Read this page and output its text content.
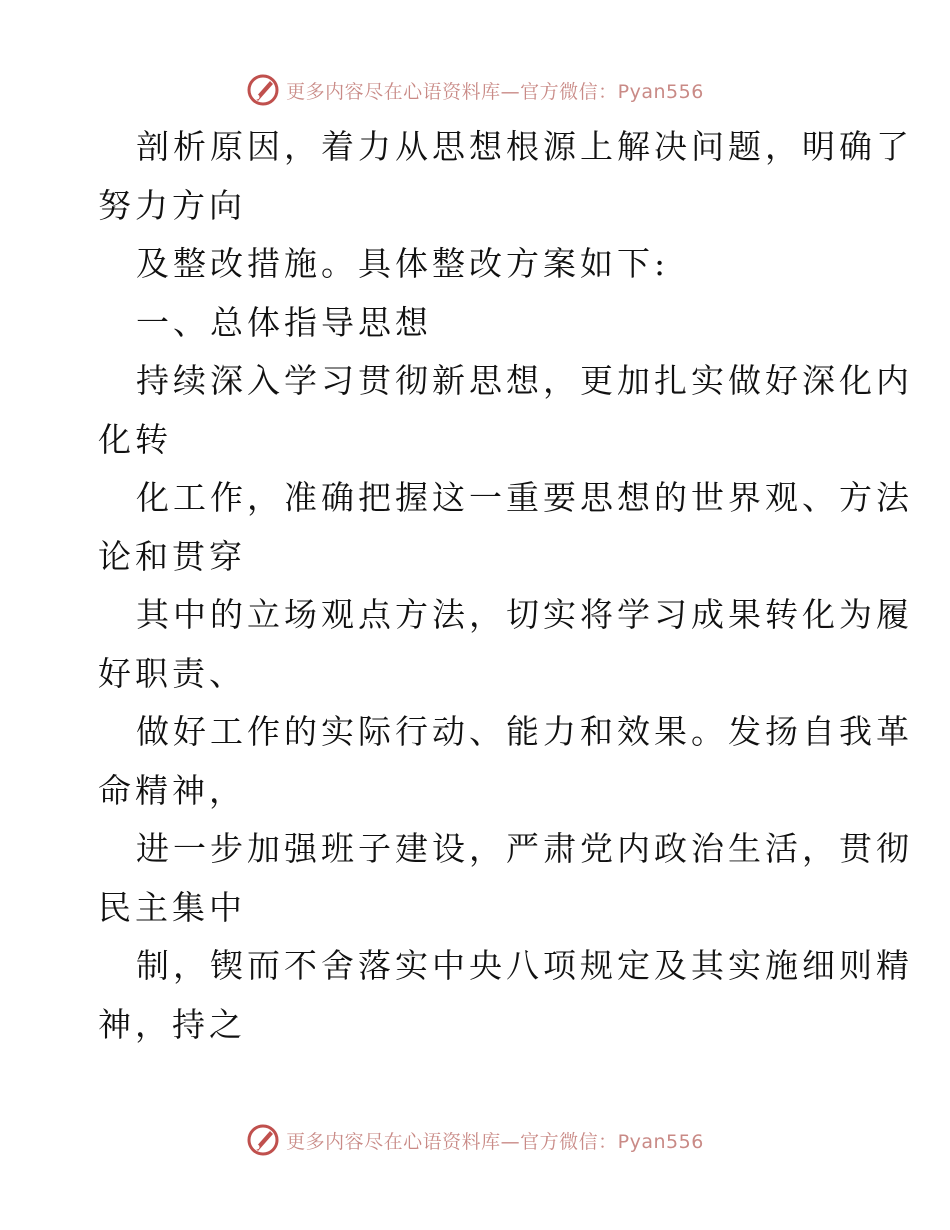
更多内容尽在心语资料库—官方微信：Pyan556
剖析原因，着力从思想根源上解决问题，明确了
努力方向
及整改措施。具体整改方案如下:
一、总体指导思想
持续深入学习贯彻新思想，更加扎实做好深化内
化转
化工作，准确把握这一重要思想的世界观、方法
论和贯穿
其中的立场观点方法，切实将学习成果转化为履
好职责、
做好工作的实际行动、能力和效果。发扬自我革
命精神，
进一步加强班子建设，严肃党内政治生活，贯彻
民主集中
制，锲而不舍落实中央八项规定及其实施细则精
神，持之
更多内容尽在心语资料库—官方微信：Pyan556
